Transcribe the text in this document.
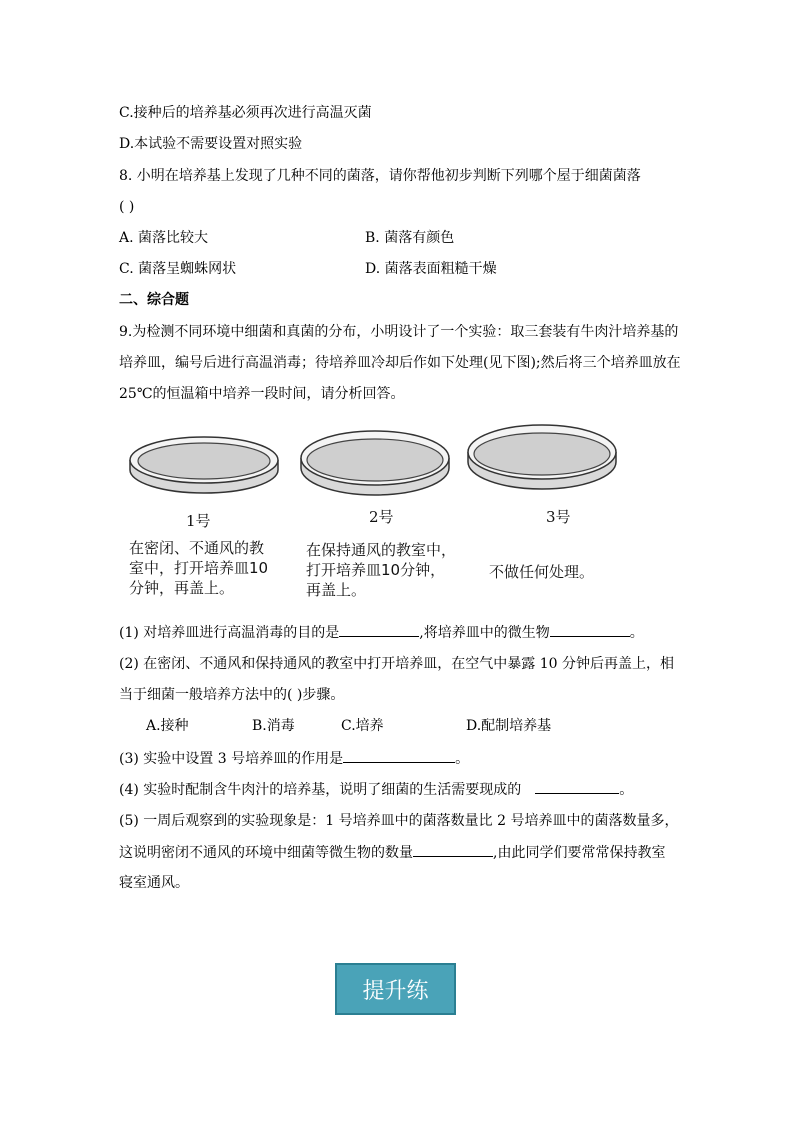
C.接种后的培养基必须再次进行高温灭菌
D.本试验不需要设置对照实验
8. 小明在培养基上发现了几种不同的菌落，请你帮他初步判断下列哪个屋于细菌菌落
( )
A. 菌落比较大	B. 菌落有颜色
C. 菌落呈蜘蛛网状	D. 菌落表面粗糙干燥
二、综合题
9.为检测不同环境中细菌和真菌的分布，小明设计了一个实验：取三套装有牛肉汁培养基的
培养皿，编号后进行高温消毒；待培养皿冷却后作如下处理(见下图);然后将三个培养皿放在
25℃的恒温箱中培养一段时间，请分析回答。
1号	2号	3号
在密闭、不通风的教
室中，打开培养皿10
分钟，再盖上。
在保持通风的教室中，
打开培养皿10分钟，
再盖上。
不做任何处理。
(1) 对培养皿进行高温消毒的目的是	,将培养皿中的微生物	。
(2) 在密闭、不通风和保持通风的教室中打开培养皿，在空气中暴露 10 分钟后再盖上，相
当于细菌一般培养方法中的( )步骤。
A.接种	B.消毒	C.培养	D.配制培养基
(3) 实验中设置 3 号培养皿的作用是	。
(4) 实验时配制含牛肉汁的培养基，说明了细菌的生活需要现成的	。
(5) 一周后观察到的实验现象是：1 号培养皿中的菌落数量比 2 号培养皿中的菌落数量多，
这说明密闭不通风的环境中细菌等微生物的数量	,由此同学们要常常保持教室
寝室通风。
提升练
